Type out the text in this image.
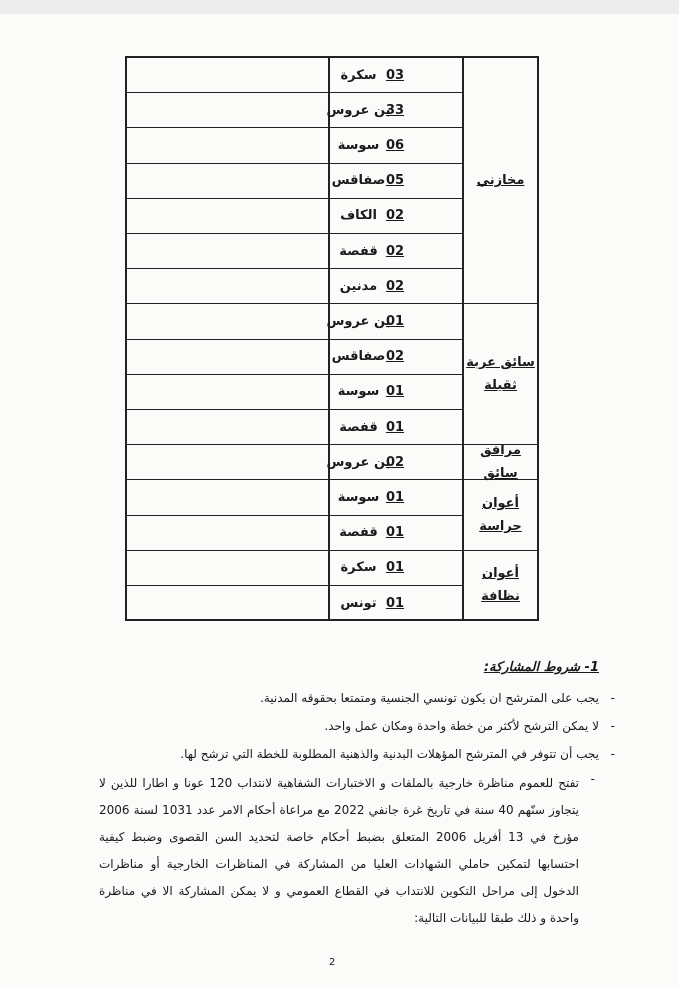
03
سكرة
33
بن عروس
06
سوسة
05
صفاقس
02
الكاف
02
قفصة
02
مدنين
مخازني
01
بن عروس
02
صفاقس
01
سوسة
01
قفصة
سائق عربة ثقيلة
02
بن عروس
مرافق سائق
01
سوسة
01
قفصة
أعوان حراسة
01
سكرة
01
تونس
أعوان نظافة
1- شروط المشاركة:
-
يجب على المترشح ان يكون تونسي الجنسية ومتمتعا بحقوقه المدنية.
-
لا يمكن الترشح لأكثر من خطة واحدة ومكان عمل واحد.
-
يجب أن تتوفر في المترشح المؤهلات البدنية والذهنية المطلوبة للخطة التي ترشح لها.
-
تفتح للعموم مناظرة خارجية بالملفات و الاختبارات الشفاهية لانتداب 120 عونا و اطارا للذين لا يتجاوز سنّهم 40 سنة في تاريخ غرة جانفي 2022 مع مراعاة أحكام الامر عدد 1031 لسنة 2006 مؤرخ في 13 أفريل 2006 المتعلق بضبط أحكام خاصة لتحديد السن القصوى وضبط كيفية احتسابها لتمكين حاملي الشهادات العليا من المشاركة في المناظرات الخارجية أو مناظرات الدخول إلى مراحل التكوين للانتداب في القطاع العمومي و لا يمكن المشاركة الا في مناظرة واحدة و ذلك طبقا للبيانات التالية:
2
